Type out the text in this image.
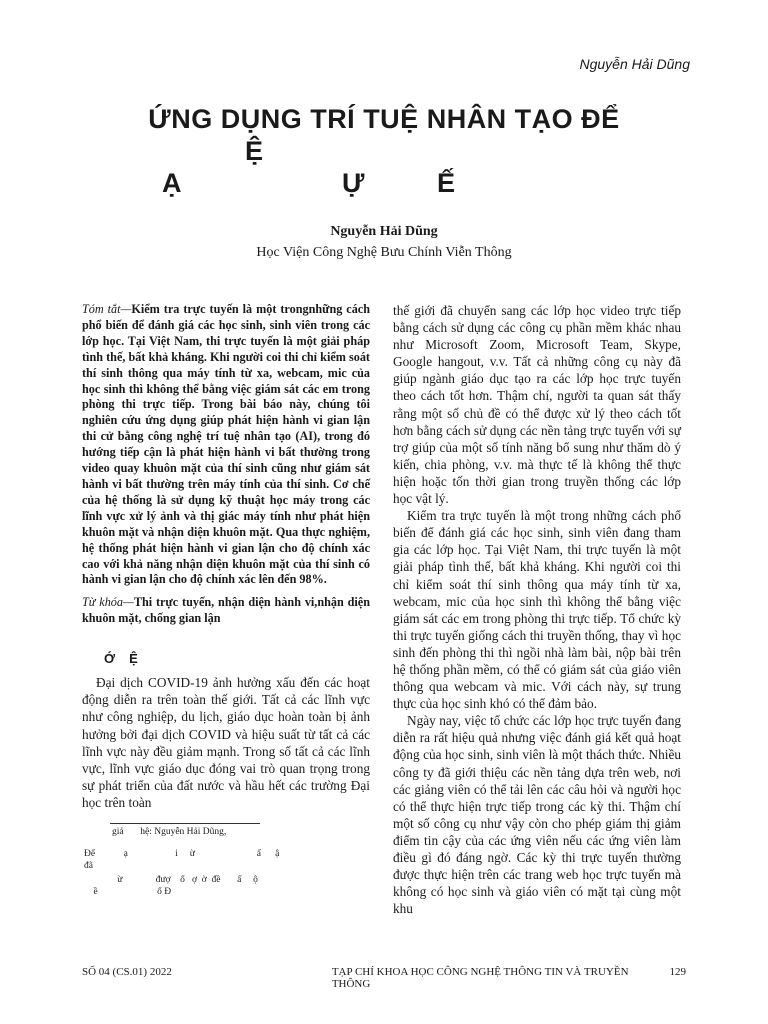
Nguyễn Hải Dũng
ỨNG DỤNG TRÍ TUỆ NHÂN TẠO ĐỂ
Ệ
Ạ                    Ự         Ế
Nguyễn Hải Dũng
Học Viện Công Nghệ Bưu Chính Viễn Thông

Tóm tắt—Kiểm tra trực tuyến là một trongnhững cách phổ biến để đánh giá các học sinh, sinh viên trong các lớp học. Tại Việt Nam, thi trực tuyến là một giải pháp tình thế, bất khả kháng. Khi người coi thi chỉ kiểm soát thí sinh thông qua máy tính từ xa, webcam, mic của học sinh thì không thể bằng việc giám sát các em trong phòng thi trực tiếp. Trong bài báo này, chúng tôi nghiên cứu ứng dụng giúp phát hiện hành vi gian lận thi cử bằng công nghệ trí tuệ nhân tạo (AI), trong đó hướng tiếp cận là phát hiện hành vi bất thường trong video quay khuôn mặt của thí sinh cũng như giám sát hành vi bất thường trên máy tính của thí sinh. Cơ chế của hệ thống là sử dụng kỹ thuật học máy trong các lĩnh vực xử lý ảnh và thị giác máy tính như phát hiện khuôn mặt và nhận diện khuôn mặt. Qua thực nghiệm, hệ thống phát hiện hành vi gian lận cho độ chính xác cao với khả năng nhận diện khuôn mặt của thí sinh có hành vi gian lận cho độ chính xác lên đến 98%.

Từ khóa—Thi trực tuyến, nhận diện hành vi,nhận diện khuôn mặt, chống gian lận

ỚỆ

Đại dịch COVID-19 ảnh hưởng xấu đến các hoạt động diễn ra trên toàn thế giới. Tất cả các lĩnh vực như công nghiệp, du lịch, giáo dục hoàn toàn bị ảnh hưởng bởi đại dịch COVID và hiệu suất từ tất cả các lĩnh vực này đều giảm mạnh. Trong số tất cả các lĩnh vực, lĩnh vực giáo dục đóng vai trò quan trọng trong sự phát triển của đất nước và hầu hết các trường Đại học trên toàn

giả       hệ: Nguyễn Hải Dũng,
Đế            ạ                    i     ừ                          ấ      ậ
đã
ừ              đượ    ổ   ợ  ờ  đề       ấ     ộ
ề                         ổ Đ

thế giới đã chuyển sang các lớp học video trực tiếp bằng cách sử dụng các công cụ phần mềm khác nhau như Microsoft Zoom, Microsoft Team, Skype, Google hangout, v.v. Tất cả những công cụ này đã giúp ngành giáo dục tạo ra các lớp học trực tuyến theo cách tốt hơn. Thậm chí, người ta quan sát thấy rằng một số chủ đề có thể được xử lý theo cách tốt hơn bằng cách sử dụng các nền tảng trực tuyến với sự trợ giúp của một số tính năng bổ sung như thăm dò ý kiến, chia phòng, v.v. mà thực tế là không thể thực hiện hoặc tốn thời gian trong truyền thống các lớp học vật lý.

Kiểm tra trực tuyến là một trong những cách phổ biến để đánh giá các học sinh, sinh viên đang tham gia các lớp học. Tại Việt Nam, thi trực tuyến là một giải pháp tình thế, bất khả kháng. Khi người coi thi chỉ kiểm soát thí sinh thông qua máy tính từ xa, webcam, mic của học sinh thì không thể bằng việc giám sát các em trong phòng thi trực tiếp. Tổ chức kỳ thi trực tuyến giống cách thi truyền thống, thay vì học sinh đến phòng thi thì ngồi nhà làm bài, nộp bài trên hệ thống phần mềm, có thể có giám sát của giáo viên thông qua webcam và mic. Với cách này, sự trung thực của học sinh khó có thể đảm bảo.

Ngày nay, việc tổ chức các lớp học trực tuyến đang diễn ra rất hiệu quả nhưng việc đánh giá kết quả hoạt động của học sinh, sinh viên là một thách thức. Nhiều công ty đã giới thiệu các nền tảng dựa trên web, nơi các giảng viên có thể tải lên các câu hỏi và người học có thể thực hiện trực tiếp trong các kỳ thi. Thậm chí một số công cụ như vậy còn cho phép giám thị giảm điểm tin cậy của các ứng viên nếu các ứng viên làm điều gì đó đáng ngờ. Các kỳ thi trực tuyến thường được thực hiện trên các trang web học trực tuyến mà không có học sinh và giáo viên có mặt tại cùng một khu

SỐ 04 (CS.01) 2022	TẠP CHÍ KHOA HỌC CÔNG NGHỆ THÔNG TIN VÀ TRUYỀN THÔNG
129
